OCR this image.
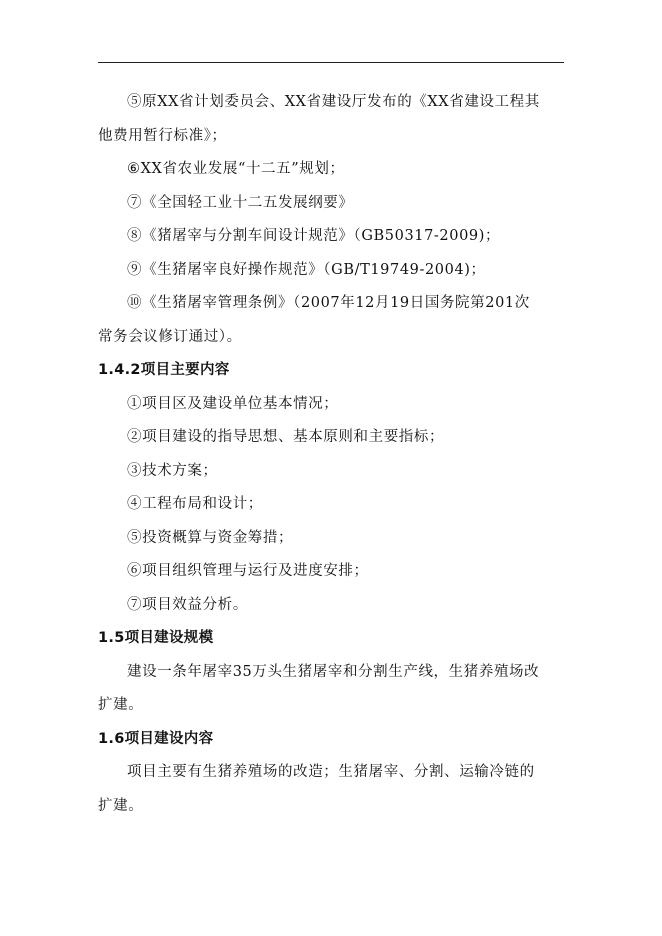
⑤原XX省计划委员会、XX省建设厅发布的《XX省建设工程其
他费用暂行标准》；
⑥XX省农业发展“十二五”规划；
⑦《全国轻工业十二五发展纲要》
⑧《猪屠宰与分割车间设计规范》（GB50317-2009)；
⑨《生猪屠宰良好操作规范》（GB/T19749-2004)；
⑩《生猪屠宰管理条例》（2007年12月19日国务院第201次
常务会议修订通过）。
1.4.2项目主要内容
①项目区及建设单位基本情况；
②项目建设的指导思想、基本原则和主要指标；
③技术方案；
④工程布局和设计；
⑤投资概算与资金筹措；
⑥项目组织管理与运行及进度安排；
⑦项目效益分析。
1.5项目建设规模
建设一条年屠宰35万头生猪屠宰和分割生产线，生猪养殖场改
扩建。
1.6项目建设内容
项目主要有生猪养殖场的改造；生猪屠宰、分割、运输冷链的
扩建。
